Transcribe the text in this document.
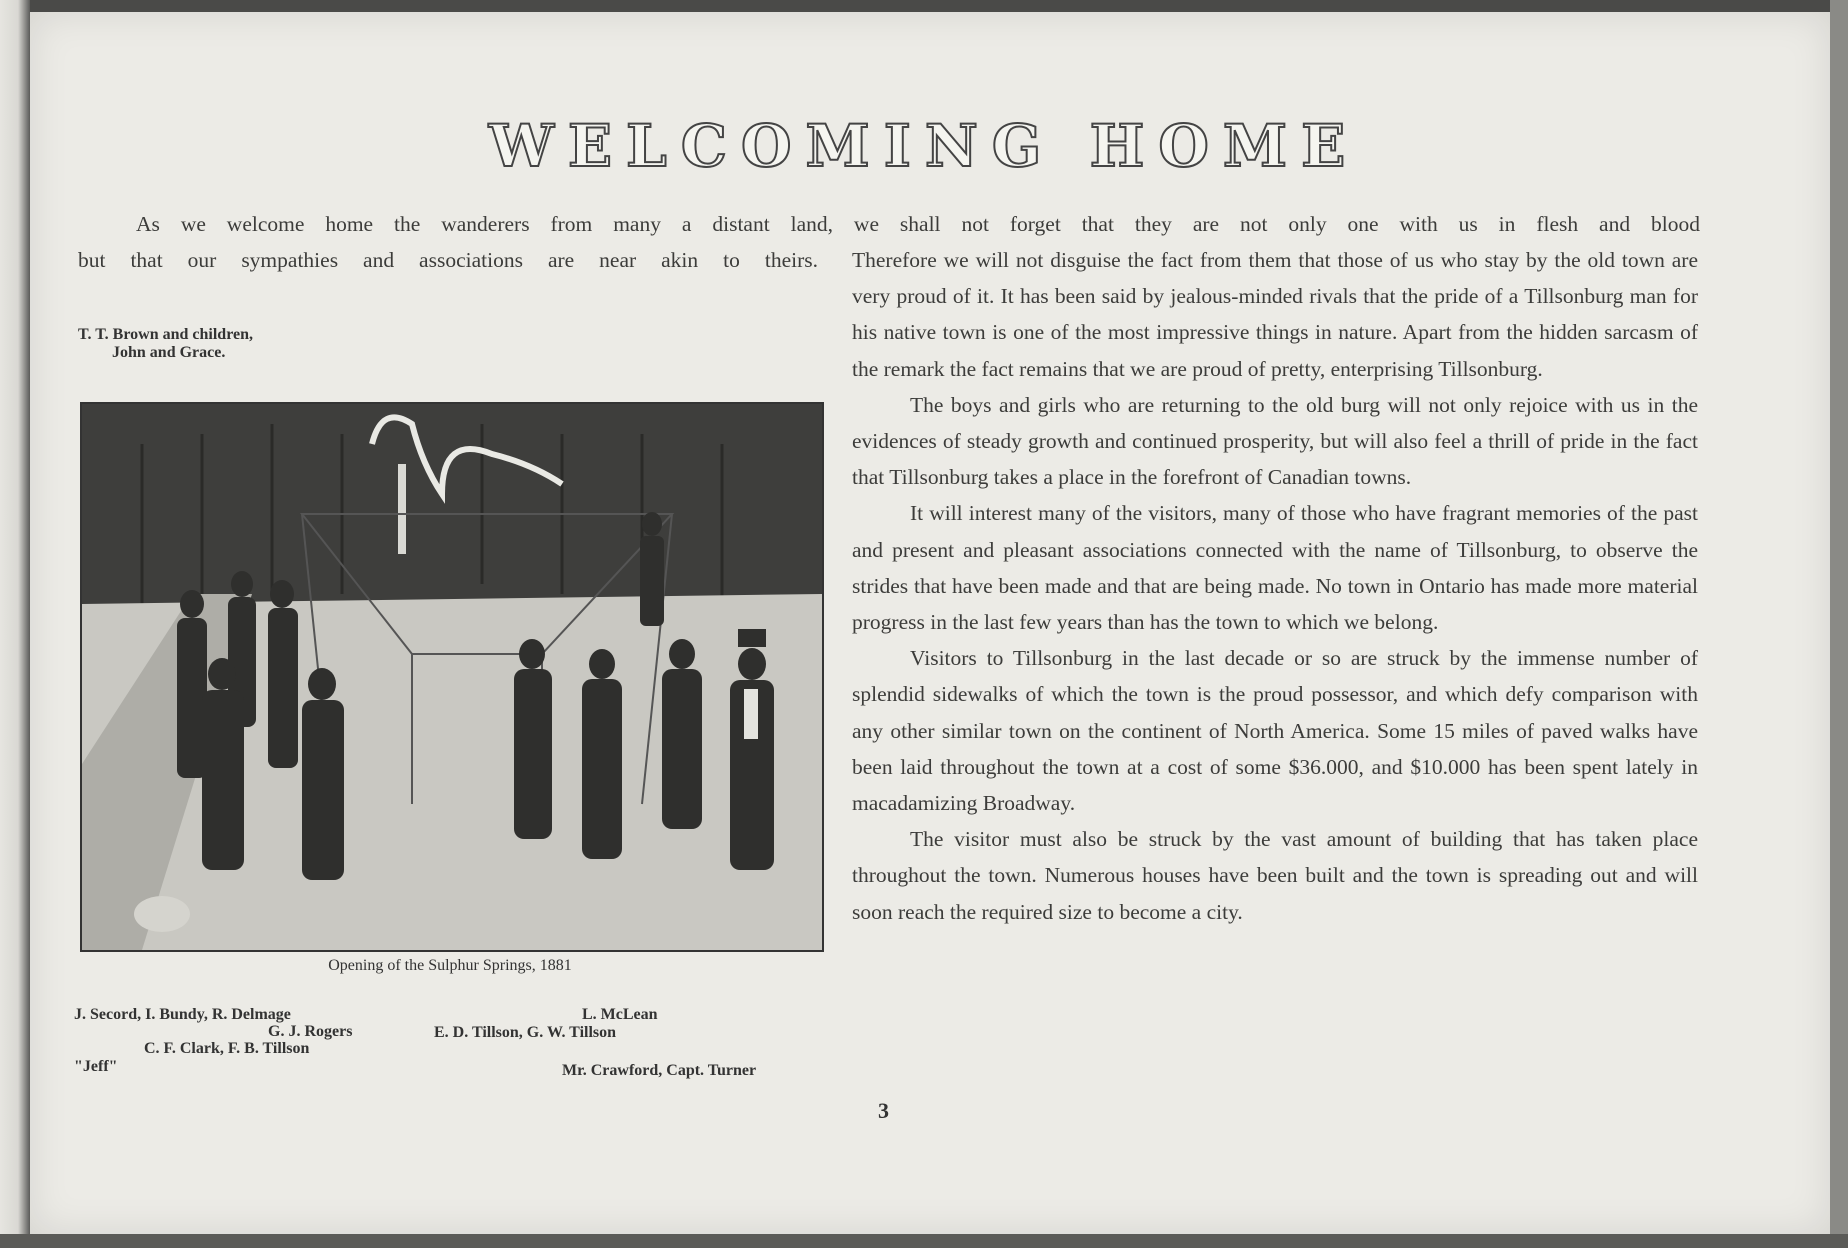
WELCOMING HOME

As we welcome home the wanderers from many a distant land, we shall not forget that they are not only one with us in flesh and blood

but that our sympathies and associations are near akin to theirs. Therefore we will not disguise the fact from them that those of us who stay by the old town are very proud of it. It has been said by jealous-minded rivals that the pride of a Tillsonburg man for his native town is one of the most impressive things in nature. Apart from the hidden sarcasm of the remark the fact remains that we are proud of pretty, enterprising Tillsonburg.

The boys and girls who are returning to the old burg will not only rejoice with us in the evidences of steady growth and continued prosperity, but will also feel a thrill of pride in the fact that Tillsonburg takes a place in the forefront of Canadian towns.

It will interest many of the visitors, many of those who have fragrant memories of the past and present and pleasant associations connected with the name of Tillsonburg, to observe the strides that have been made and that are being made. No town in Ontario has made more material progress in the last few years than has the town to which we belong.

Visitors to Tillsonburg in the last decade or so are struck by the immense number of splendid sidewalks of which the town is the proud possessor, and which defy comparison with any other similar town on the continent of North America. Some 15 miles of paved walks have been laid throughout the town at a cost of some $36.000, and $10.000 has been spent lately in macadamizing Broadway.

The visitor must also be struck by the vast amount of building that has taken place throughout the town. Numerous houses have been built and the town is spreading out and will soon reach the required size to become a city.

T. T. Brown and children,
John and Grace.
Opening of the Sulphur Springs, 1881
J. Secord, I. Bundy, R. Delmage
G. J. Rogers
C. F. Clark, F. B. Tillson
"Jeff"
L. McLean
E. D. Tillson, G. W. Tillson
Mr. Crawford, Capt. Turner
3
